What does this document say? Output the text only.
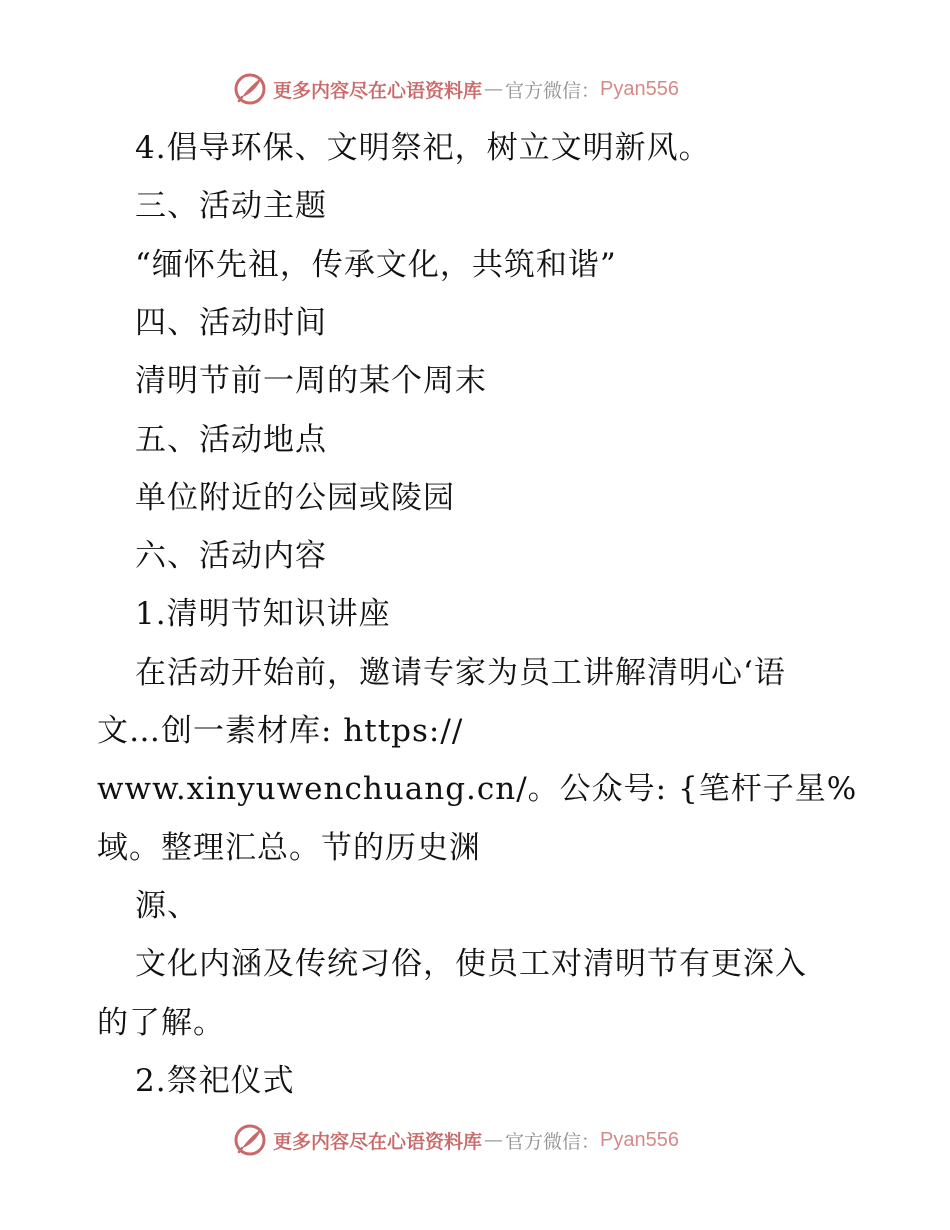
更多内容尽在心语资料库 — 官方微信： Pyan556
4.倡导环保、文明祭祀，树立文明新风。
三、活动主题
“缅怀先祖，传承文化，共筑和谐”
四、活动时间
清明节前一周的某个周末
五、活动地点
单位附近的公园或陵园
六、活动内容
1.清明节知识讲座
在活动开始前，邀请专家为员工讲解清明心‘语
文…创一素材库: https://
www.xinyuwenchuang.cn/。公众号: {笔杆子星%
域。整理汇总。节的历史渊
源、
文化内涵及传统习俗，使员工对清明节有更深入
的了解。
2.祭祀仪式
更多内容尽在心语资料库 — 官方微信： Pyan556
